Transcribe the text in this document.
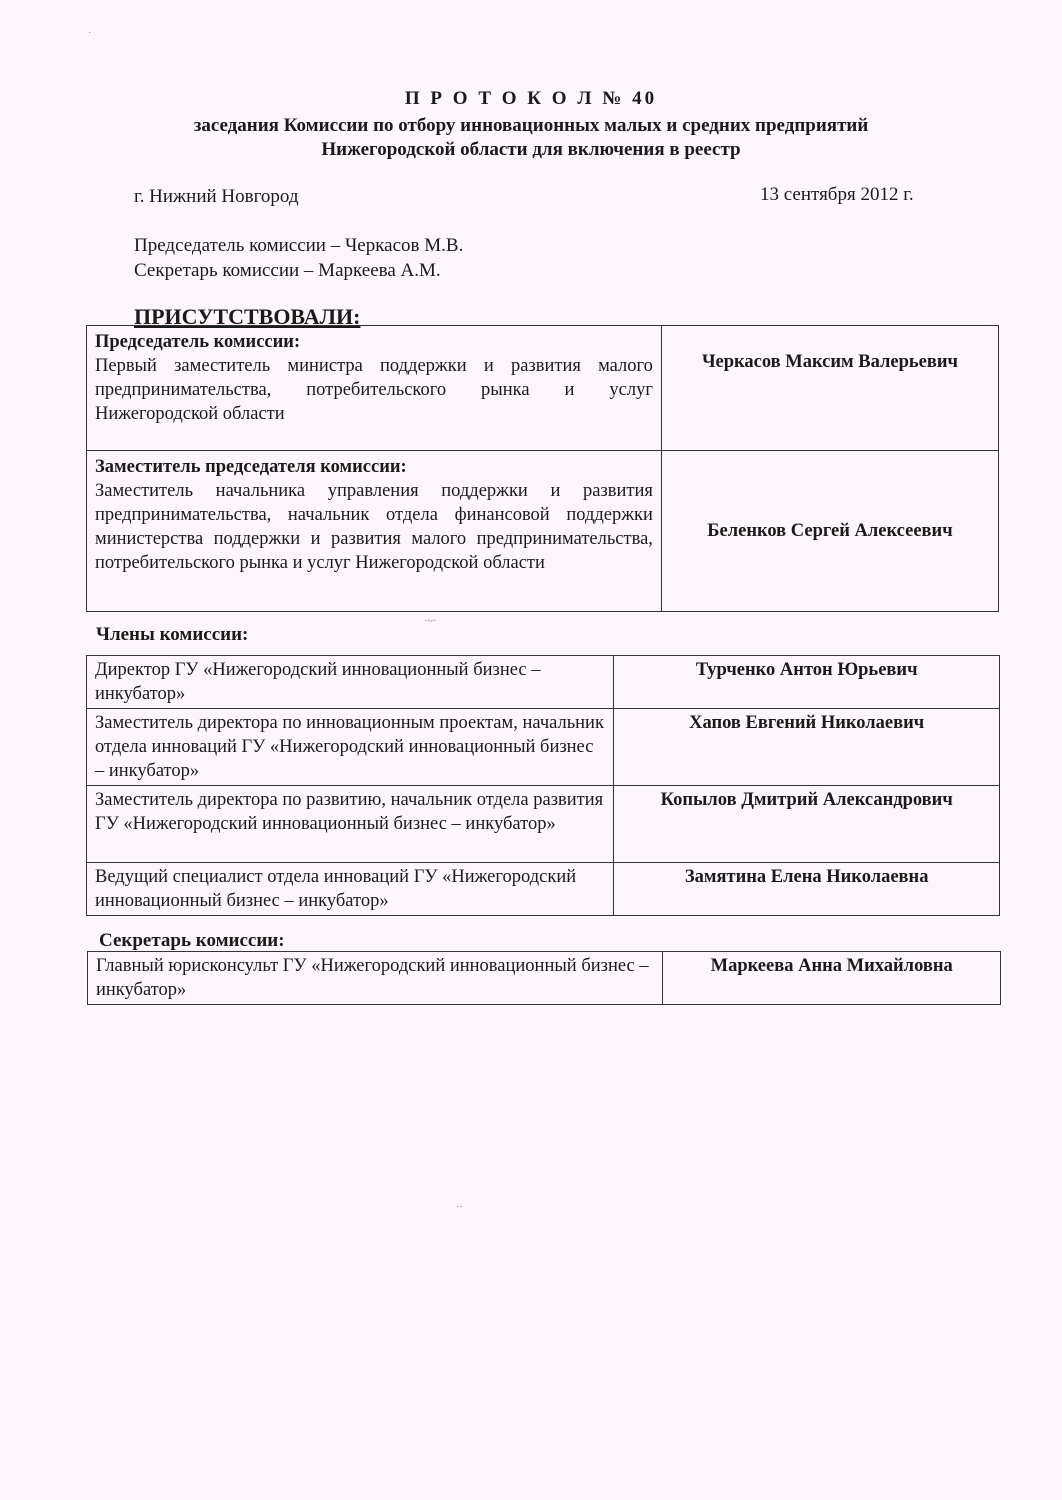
П Р О Т О К О Л № 40
заседания Комиссии по отбору инновационных малых и средних предприятий
Нижегородской области для включения в реестр
г. Нижний Новгород	13 сентября 2012 г.
Председатель комиссии – Черкасов М.В.
Секретарь комиссии – Маркеева А.М.
ПРИСУТСТВОВАЛИ:
Председатель комиссии:
Первый заместитель министра поддержки и развития малого предпринимательства, потребительского рынка и услуг Нижегородской области	Черкасов Максим Валерьевич

Заместитель председателя комиссии:
Заместитель начальника управления поддержки и развития предпринимательства, начальник отдела финансовой поддержки министерства поддержки и развития малого предпринимательства, потребительского рынка и услуг Нижегородской области	Беленков Сергей Алексеевич
·~·
Члены комиссии:
Директор ГУ «Нижегородский инновационный бизнес – инкубатор»	Турченко Антон Юрьевич
Заместитель директора по инновационным проектам, начальник отдела инноваций ГУ «Нижегородский инновационный бизнес – инкубатор»	Хапов Евгений Николаевич
Заместитель директора по развитию, начальник отдела развития ГУ «Нижегородский инновационный бизнес – инкубатор»	Копылов Дмитрий Александрович
Ведущий специалист отдела инноваций ГУ «Нижегородский инновационный бизнес – инкубатор»	Замятина Елена Николаевна
Секретарь комиссии:
Главный юрисконсульт ГУ «Нижегородский инновационный бизнес – инкубатор»	Маркеева Анна Михайловна
·
··
